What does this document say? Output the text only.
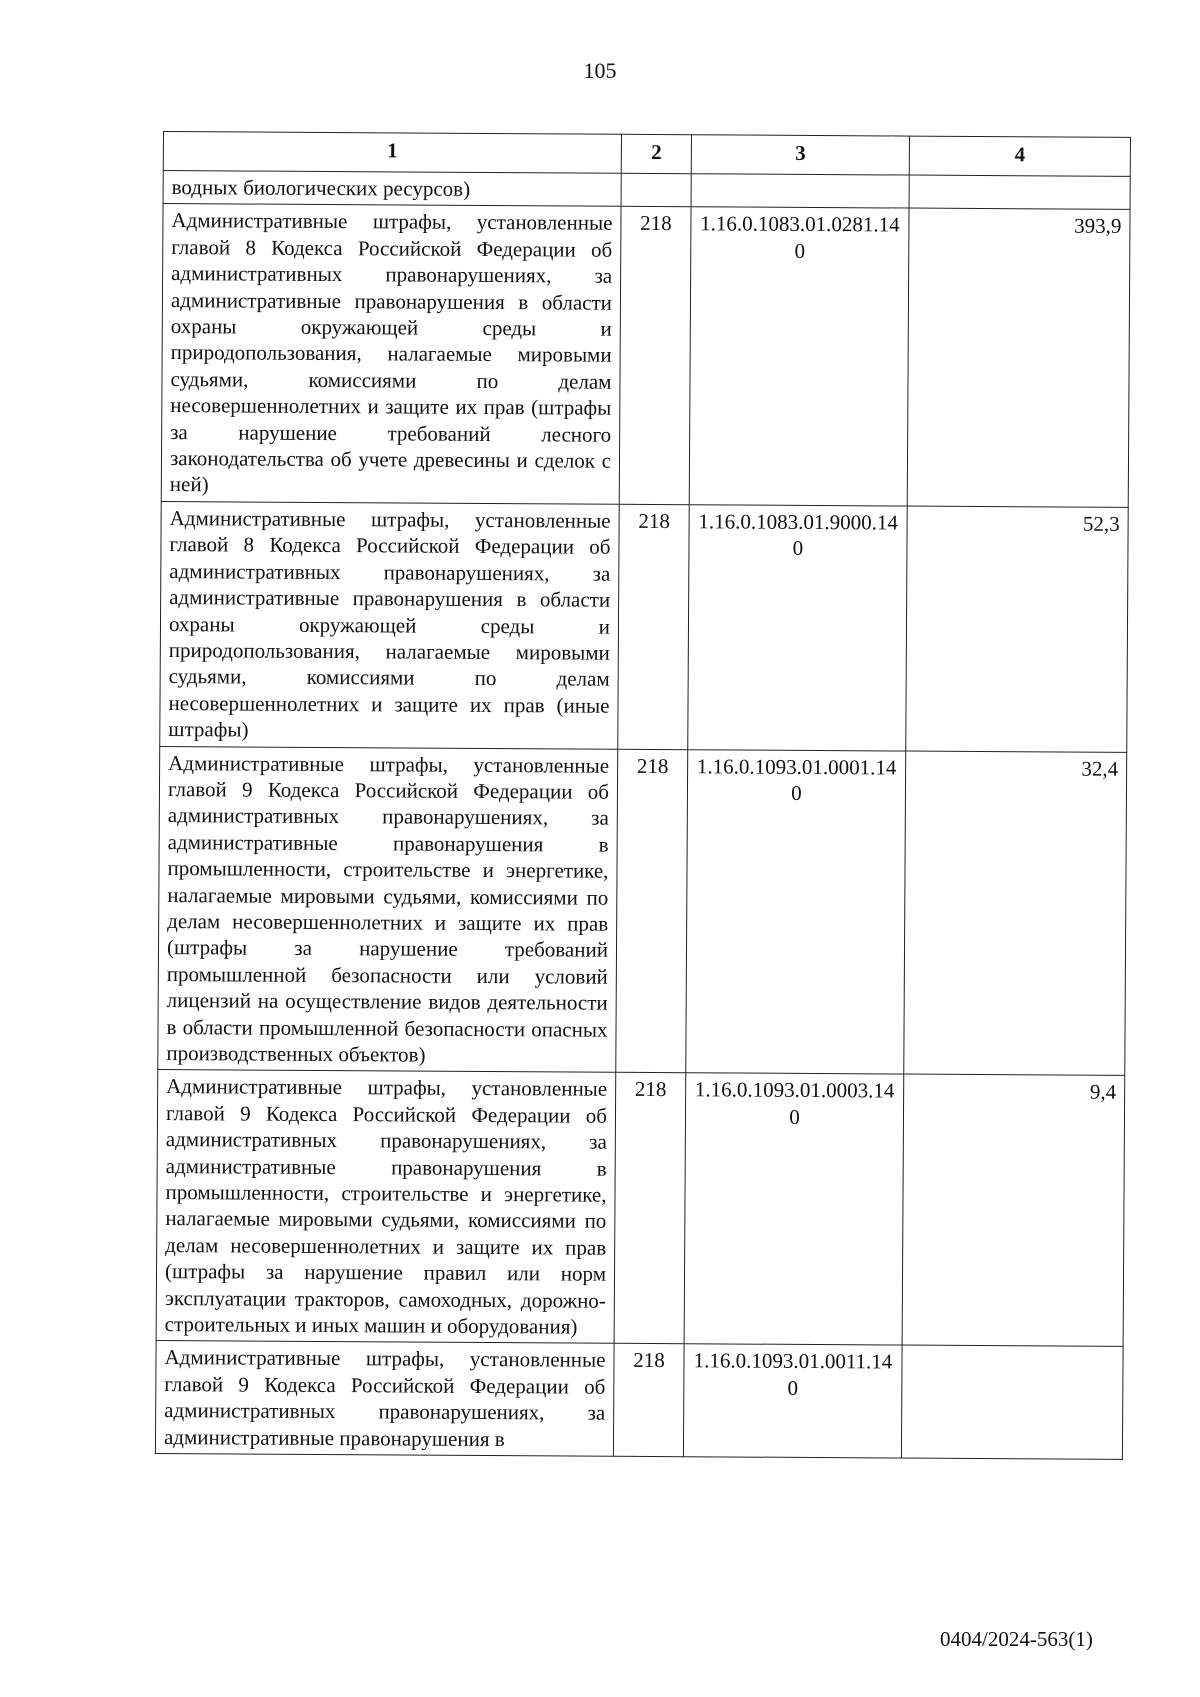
105
1	2	3	4
водных биологических ресурсов)			
Административные штрафы, установленные главой 8 Кодекса Российской Федерации об административных правонарушениях, за административные правонарушения в области охраны окружающей среды и природопользования, налагаемые мировыми судьями, комиссиями по делам несовершеннолетних и защите их прав (штрафы за нарушение требований лесного законодательства об учете древесины и сделок с ней)	218	1.16.0.1083.01.0281.140	393,9
Административные штрафы, установленные главой 8 Кодекса Российской Федерации об административных правонарушениях, за административные правонарушения в области охраны окружающей среды и природопользования, налагаемые мировыми судьями, комиссиями по делам несовершеннолетних и защите их прав (иные штрафы)	218	1.16.0.1083.01.9000.140	52,3
Административные штрафы, установленные главой 9 Кодекса Российской Федерации об административных правонарушениях, за административные правонарушения в промышленности, строительстве и энергетике, налагаемые мировыми судьями, комиссиями по делам несовершеннолетних и защите их прав (штрафы за нарушение требований промышленной безопасности или условий лицензий на осуществление видов деятельности в области промышленной безопасности опасных производственных объектов)	218	1.16.0.1093.01.0001.140	32,4
Административные штрафы, установленные главой 9 Кодекса Российской Федерации об административных правонарушениях, за административные правонарушения в промышленности, строительстве и энергетике, налагаемые мировыми судьями, комиссиями по делам несовершеннолетних и защите их прав (штрафы за нарушение правил или норм эксплуатации тракторов, самоходных, дорожно-строительных и иных машин и оборудования)	218	1.16.0.1093.01.0003.140	9,4
Административные штрафы, установленные главой 9 Кодекса Российской Федерации об административных правонарушениях, за административные правонарушения в	218	1.16.0.1093.01.0011.140	
0404/2024-563(1)
